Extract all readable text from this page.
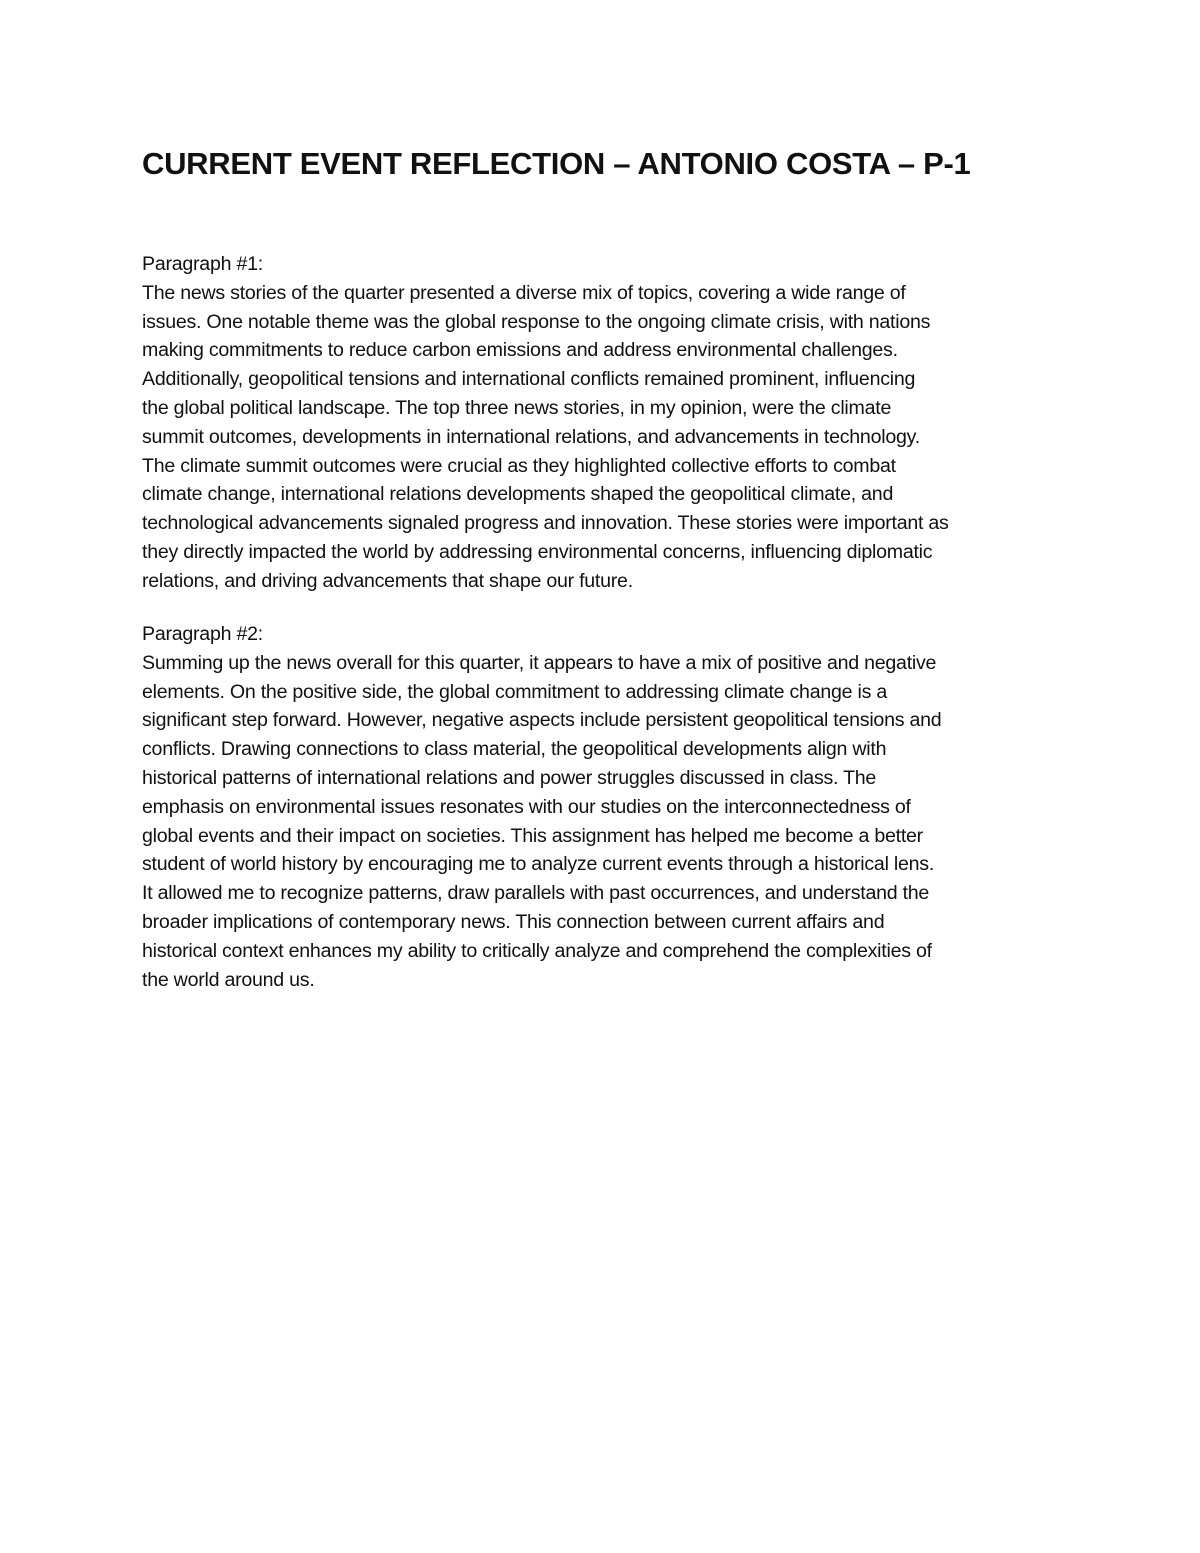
CURRENT EVENT REFLECTION – ANTONIO COSTA – P-1
Paragraph #1:
The news stories of the quarter presented a diverse mix of topics, covering a wide range of
issues. One notable theme was the global response to the ongoing climate crisis, with nations
making commitments to reduce carbon emissions and address environmental challenges.
Additionally, geopolitical tensions and international conflicts remained prominent, influencing
the global political landscape. The top three news stories, in my opinion, were the climate
summit outcomes, developments in international relations, and advancements in technology.
The climate summit outcomes were crucial as they highlighted collective efforts to combat
climate change, international relations developments shaped the geopolitical climate, and
technological advancements signaled progress and innovation. These stories were important as
they directly impacted the world by addressing environmental concerns, influencing diplomatic
relations, and driving advancements that shape our future.
Paragraph #2:
Summing up the news overall for this quarter, it appears to have a mix of positive and negative
elements. On the positive side, the global commitment to addressing climate change is a
significant step forward. However, negative aspects include persistent geopolitical tensions and
conflicts. Drawing connections to class material, the geopolitical developments align with
historical patterns of international relations and power struggles discussed in class. The
emphasis on environmental issues resonates with our studies on the interconnectedness of
global events and their impact on societies. This assignment has helped me become a better
student of world history by encouraging me to analyze current events through a historical lens.
It allowed me to recognize patterns, draw parallels with past occurrences, and understand the
broader implications of contemporary news. This connection between current affairs and
historical context enhances my ability to critically analyze and comprehend the complexities of
the world around us.
